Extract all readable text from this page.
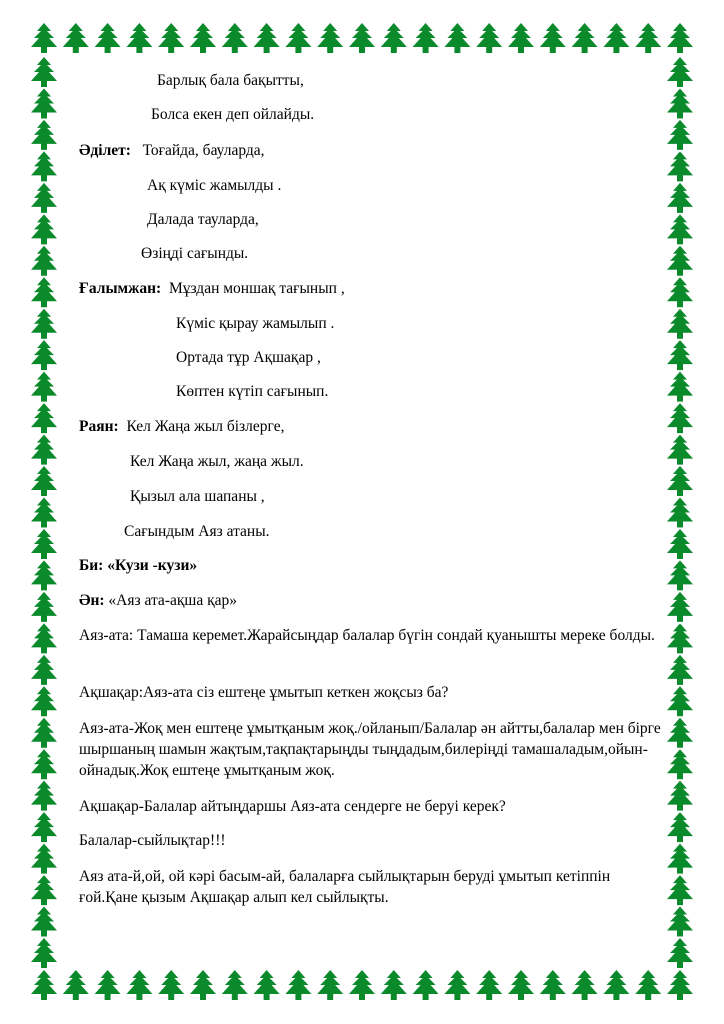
Барлық бала бақытты,
Болса екен деп ойлайды.
Әділет: Тоғайда, бауларда,
Ақ күміс жамылды .
Далада тауларда,
Өзіңді сағынды.
Ғалымжан: Мұздан моншақ тағынып ,
Күміс қырау жамылып .
Ортада тұр Ақшақар ,
Көптен күтіп сағынып.
Раян: Кел Жаңа жыл бізлерге,
Кел Жаңа жыл, жаңа жыл.
Қызыл ала шапаны ,
Сағындым Аяз атаны.
Би: «Кузи -кузи»
Ән: «Аяз ата-ақша қар»
Аяз-ата: Тамаша керемет.Жарайсыңдар балалар бүгін сондай қуанышты мереке болды.
Ақшақар:Аяз-ата сіз ештеңе ұмытып кеткен жоқсыз ба?
Аяз-ата-Жоқ мен ештеңе ұмытқаным жоқ./ойланып/Балалар ән айтты,балалар мен бірге шыршаның шамын жақтым,тақпақтарыңды тыңдадым,билеріңді тамашаладым,ойын-ойнадық.Жоқ ештеңе ұмытқаным жоқ.
Ақшақар-Балалар айтыңдаршы Аяз-ата сендерге не беруі керек?
Балалар-сыйлықтар!!!
Аяз ата-й,ой, ой кәрі басым-ай, балаларға сыйлықтарын беруді ұмытып кетіппін ғой.Қане қызым Ақшақар алып кел сыйлықты.
